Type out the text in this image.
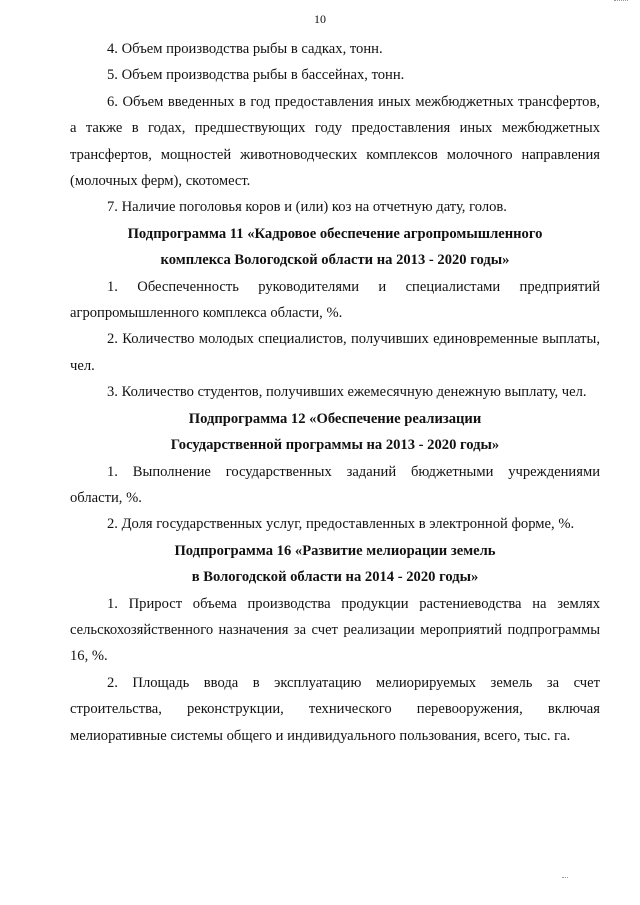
10

4. Объем производства рыбы в садках, тонн.

5. Объем производства рыбы в бассейнах, тонн.

6. Объем введенных в год предоставления иных межбюджетных трансфертов, а также в годах, предшествующих году предоставления иных межбюджетных трансфертов, мощностей животноводческих комплексов молочного направления (молочных ферм), скотомест.

7. Наличие поголовья коров и (или) коз на отчетную дату, голов.

Подпрограмма 11 «Кадровое обеспечение агропромышленного

комплекса Вологодской области на 2013 - 2020 годы»

1. Обеспеченность руководителями и специалистами предприятий агропромышленного комплекса области, %.

2. Количество молодых специалистов, получивших единовременные выплаты, чел.

3. Количество студентов, получивших ежемесячную денежную выплату, чел.

Подпрограмма 12 «Обеспечение реализации

Государственной программы на 2013 - 2020 годы»

1. Выполнение государственных заданий бюджетными учреждениями области, %.

2. Доля государственных услуг, предоставленных в электронной форме, %.

Подпрограмма 16 «Развитие мелиорации земель

в Вологодской области на 2014 - 2020 годы»

1. Прирост объема производства продукции растениеводства на землях сельскохозяйственного назначения за счет реализации мероприятий подпрограммы 16, %.

2. Площадь ввода в эксплуатацию мелиорируемых земель за счет строительства, реконструкции, технического перевооружения, включая мелиоративные системы общего и индивидуального пользования, всего, тыс. га.
